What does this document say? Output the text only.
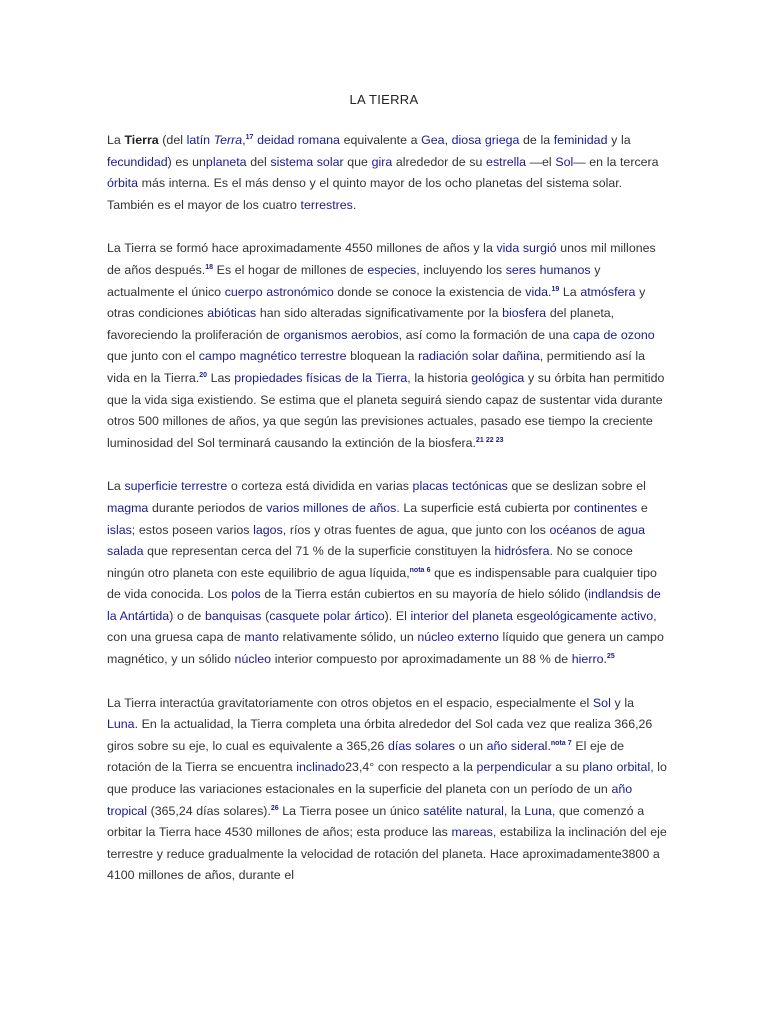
LA TIERRA

La Tierra (del latín Terra,$^{17}$ deidad romana equivalente a Gea, diosa griega de la feminidad y la fecundidad) es unplaneta del sistema solar que gira alrededor de su estrella —el Sol— en la tercera órbita más interna. Es el más denso y el quinto mayor de los ocho planetas del sistema solar. También es el mayor de los cuatro terrestres.

La Tierra se formó hace aproximadamente 4550 millones de años y la vida surgió unos mil millones de años después.$^{18}$ Es el hogar de millones de especies, incluyendo los seres humanos y actualmente el único cuerpo astronómico donde se conoce la existencia de vida.$^{19}$ La atmósfera y otras condiciones abióticas han sido alteradas significativamente por la biosfera del planeta, favoreciendo la proliferación de organismos aerobios, así como la formación de una capa de ozono que junto con el campo magnético terrestre bloquean la radiación solar dañina, permitiendo así la vida en la Tierra.$^{20}$ Las propiedades físicas de la Tierra, la historia geológica y su órbita han permitido que la vida siga existiendo. Se estima que el planeta seguirá siendo capaz de sustentar vida durante otros 500 millones de años, ya que según las previsiones actuales, pasado ese tiempo la creciente luminosidad del Sol terminará causando la extinción de la biosfera.$^{21 22 23}$

La superficie terrestre o corteza está dividida en varias placas tectónicas que se deslizan sobre el magma durante periodos de varios millones de años. La superficie está cubierta por continentes e islas; estos poseen varios lagos, ríos y otras fuentes de agua, que junto con los océanos de agua salada que representan cerca del 71 % de la superficie constituyen la hidrósfera. No se conoce ningún otro planeta con este equilibrio de agua líquida,$^{nota 6}$ que es indispensable para cualquier tipo de vida conocida. Los polos de la Tierra están cubiertos en su mayoría de hielo sólido (indlandsis de la Antártida) o de banquisas (casquete polar ártico). El interior del planeta esgeológicamente activo, con una gruesa capa de manto relativamente sólido, un núcleo externo líquido que genera un campo magnético, y un sólido núcleo interior compuesto por aproximadamente un 88 % de hierro.$^{25}$

La Tierra interactúa gravitatoriamente con otros objetos en el espacio, especialmente el Sol y la Luna. En la actualidad, la Tierra completa una órbita alrededor del Sol cada vez que realiza 366,26 giros sobre su eje, lo cual es equivalente a 365,26 días solares o un año sideral.$^{nota 7}$ El eje de rotación de la Tierra se encuentra inclinado23,4° con respecto a la perpendicular a su plano orbital, lo que produce las variaciones estacionales en la superficie del planeta con un período de un año tropical (365,24 días solares).$^{26}$ La Tierra posee un único satélite natural, la Luna, que comenzó a orbitar la Tierra hace 4530 millones de años; esta produce las mareas, estabiliza la inclinación del eje terrestre y reduce gradualmente la velocidad de rotación del planeta. Hace aproximadamente3800 a 4100 millones de años, durante el
